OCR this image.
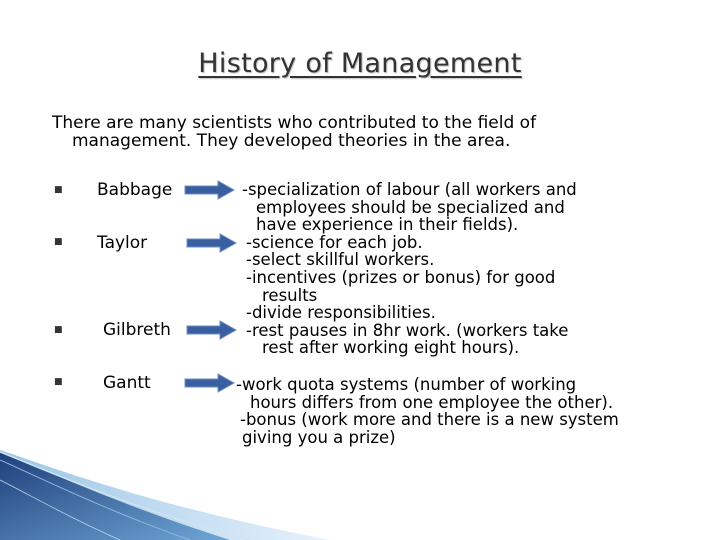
History of Management
There are many scientists who contributed to the field of management. They developed theories in the area.
■
■
■
■
Babbage
Taylor
Gilbreth
Gantt
-specialization of labour (all workers and
employees should be specialized and
have experience in their fields).
-science for each job.
-select skillful workers.
-incentives (prizes or bonus) for good
results
-divide responsibilities.
-rest pauses in 8hr work. (workers take
rest after working eight hours).
-work quota systems (number of working
hours differs from one employee the other).
-bonus (work more and there is a new system
giving you a prize)
